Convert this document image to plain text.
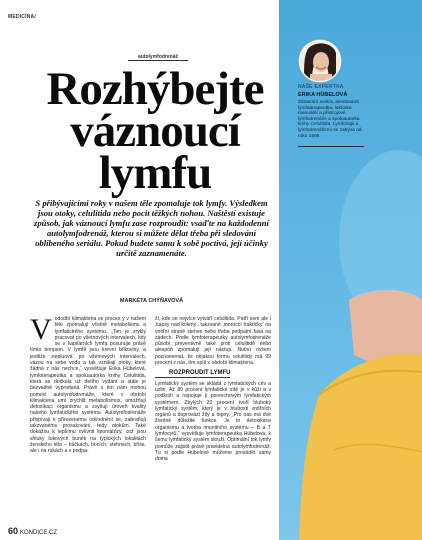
MEDICÍNA/
autolymfodrenáž
Rozhýbejte
váznoucí
lymfu
NAŠE EXPERTKA
ERIKA HÜBELOVÁ
Zdravotní sestra, atestovaná lymfoterapeutka, lektorka manuální a přístrojové lymfodrenáže a spoluautorka knihy Celulitida. Lymfologii a lymfodrenážemi se zabývá od roku 1996.
S přibývajícími roky v našem těle zpomaluje tok lymfy. Výsledkem jsou otoky, celulitida nebo pocit těžkých nohou. Naštěstí existuje způsob, jak váznoucí lymfu zase rozproudit: vsaďte na každodenní autolymfodrenáž, kterou si můžete dělat třeba při sledování oblíbeného seriálu. Pokud budete samu k sobě poctivá, její účinky určitě zaznamenáte.
MARKÉTA CHÝŇAVOVÁ
V ododbí klimakteria se proces y v našem těle zpomalují včetně metabolismu a lymfatického systému. „Ten je zrykly pracovat po všetnových intervalech, kdy se v kapilárních lymfa posunuje právě tímto tempem. V lymfě jsou krevní bílkoviny, a jestliže ‚nepluová‘ po všetnových intervalech, vázou na sebe vodu a tak vznikají otoky, které žádná z nás nechce,“ vysvětluje Erika Hübelová, lymfoterapeutka a spoluautorka knihy Celulitida, která se dočkala už třetího vydání a stále je bezvadně vyprodaná. Právě s tím nám mohou pomoci autolymfodrenáže, které v období klimakteria umí zrychlit metabolismus, umožňují detoxikaci organismu a zvyšují úroveň kvality našeho lymfatického systému. Autolymfodrenáže přispívají k přirozenému odvodnění se, zabraňují takzvanému prosakování, tedy otokům. Také dokážou k lepšímu ovlivnit lipomatózy, což jsou shluky tukových buněk na typických lokalitách ženského těla – bůčkách, bocích, stehnech, břiše, ale i na rukách a v podpa-

ží, kde se nejvíce vytváří celulitida. Patří sem ale i ‚kapsy nad koleny‘, takzvané ‚moroccí traktíčky‘ na vnitřní straně stehen nebo třeba podpatní fasa na zádech. Podle lymfoterapeutky autolymfodrenáže působí preventivně také proti celulitidě nebo alespoň zpomalují její nástup. Nutno ovšem poznamenat, že nějakou formu celulitidy má 99 procent z nás, tím spíš v období klimakteria.

ROZPROUDIT LYMFU

Lymfatický systém se skládá z lymfatických cév a uzlin. Až 80 procent lymfatické sítě je v kůži a v podkoží a napojuje ji porevchovým lymfatickým systémem. Zbylých 20 procent tvoří hluboký lymfatický systém, který je v hlubosti vnitřních orgánů a doprovází žíly a tepny. „Pro nás má dvě životně důležité funkce. Je to detoxikace organismu a tvorba imunitního systému – B a T lymfocytů,“ vysvětluje lymfoterapeutka Hübelová, k čemu lymfatický systém slouží. Optimální tok lymfy pomůže zajistit právě pravidelná autolymfodrenáž. Tu si podle Hübelové můžeme provádět samy doma

60 KONDICE.CZ
